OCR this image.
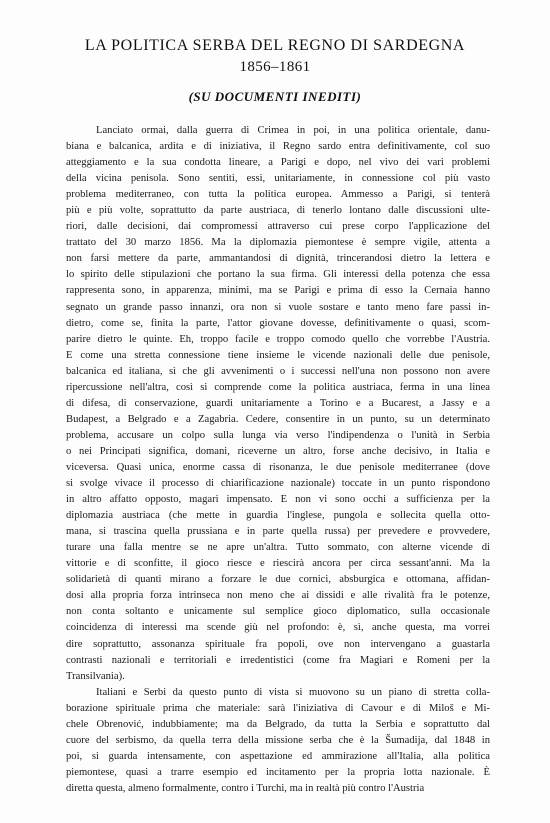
LA POLITICA SERBA DEL REGNO DI SARDEGNA
1856–1861
(SU DOCUMENTI INEDITI)

Lanciato ormai, dalla guerra di Crimea in poi, in una politica orientale, danu-
biana e balcanica, ardita e di iniziativa, il Regno sardo entra definitivamente, col suo
atteggiamento e la sua condotta lineare, a Parigi e dopo, nel vivo dei vari problemi
della vicina penisola. Sono sentiti, essi, unitariamente, in connessione col più vasto
problema mediterraneo, con tutta la politica europea. Ammesso a Parigi, si tenterà
più e più volte, soprattutto da parte austriaca, di tenerlo lontano dalle discussioni ulte-
riori, dalle decisioni, dai compromessi attraverso cui prese corpo l'applicazione del
trattato del 30 marzo 1856. Ma la diplomazia piemontese è sempre vigile, attenta a
non farsi mettere da parte, ammantandosi di dignità, trincerandosi dietro la lettera e
lo spirito delle stipulazioni che portano la sua firma. Gli interessi della potenza che essa
rappresenta sono, in apparenza, minimi, ma se Parigi e prima di esso la Cernaia hanno
segnato un grande passo innanzi, ora non si vuole sostare e tanto meno fare passi in-
dietro, come se, finita la parte, l'attor giovane dovesse, definitivamente o quasi, scom-
parire dietro le quinte. Eh, troppo facile e troppo comodo quello che vorrebbe l'Austria.
E come una stretta connessione tiene insieme le vicende nazionali delle due penisole,
balcanica ed italiana, sì che gli avvenimenti o i successi nell'una non possono non avere
ripercussione nell'altra, così si comprende come la politica austriaca, ferma in una linea
di difesa, di conservazione, guardi unitariamente a Torino e a Bucarest, a Jassy e a
Budapest, a Belgrado e a Zagabria. Cedere, consentire in un punto, su un determinato
problema, accusare un colpo sulla lunga via verso l'indipendenza o l'unità in Serbia
o nei Principati significa, domani, riceverne un altro, forse anche decisivo, in Italia e
viceversa. Quasi unica, enorme cassa di risonanza, le due penisole mediterranee (dove
si svolge vivace il processo di chiarificazione nazionale) toccate in un punto rispondono
in altro affatto opposto, magari impensato. E non vi sono occhi a sufficienza per la
diplomazia austriaca (che mette in guardia l'inglese, pungola e sollecita quella otto-
mana, si trascina quella prussiana e in parte quella russa) per prevedere e provvedere,
turare una falla mentre se ne apre un'altra. Tutto sommato, con alterne vicende di
vittorie e di sconfitte, il gioco riesce e riescirà ancora per circa sessant'anni. Ma la
solidarietà di quanti mirano a forzare le due cornici, absburgica e ottomana, affidan-
dosi alla propria forza intrinseca non meno che ai dissidi e alle rivalità fra le potenze,
non conta soltanto e unicamente sul semplice gioco diplomatico, sulla occasionale
coincidenza di interessi ma scende giù nel profondo: è, sì, anche questa, ma vorrei
dire soprattutto, assonanza spirituale fra popoli, ove non intervengano a guastarla
contrasti nazionali e territoriali e irredentistici (come fra Magiari e Romeni per la
Transilvania).

Italiani e Serbi da questo punto di vista si muovono su un piano di stretta colla-
borazione spirituale prima che materiale: sarà l'iniziativa di Cavour e di Miloš e Mi-
chele Obrenović, indubbiamente; ma da Belgrado, da tutta la Serbia e soprattutto dal
cuore del serbismo, da quella terra della missione serba che è la Šumadija, dal 1848 in
poi, si guarda intensamente, con aspettazione ed ammirazione all'Italia, alla politica
piemontese, quasi a trarre esempio ed incitamento per la propria lotta nazionale. È
diretta questa, almeno formalmente, contro i Turchi, ma in realtà più contro l'Austria
